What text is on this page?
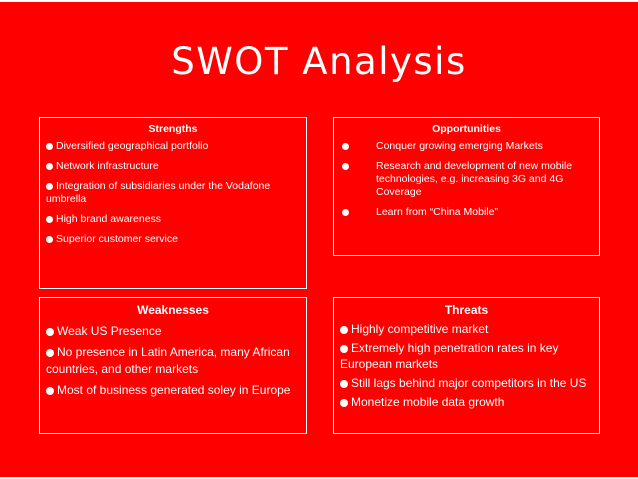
SWOT Analysis
Strengths
Diversified geographical portfolio
Network infrastructure
Integration of subsidiaries under the Vodafone umbrella
High brand awareness
Superior customer service
Opportunities
Conquer growing emerging Markets
Research and development of new mobile technologies, e.g. increasing 3G and 4G Coverage
Learn from “China Mobile”
Weaknesses
Weak US Presence
No presence in Latin America, many African countries, and other markets
Most of business generated soley in Europe
Threats
Highly competitive market
Extremely high penetration rates in key European markets
Still lags behind major competitors in the US
Monetize mobile data growth
